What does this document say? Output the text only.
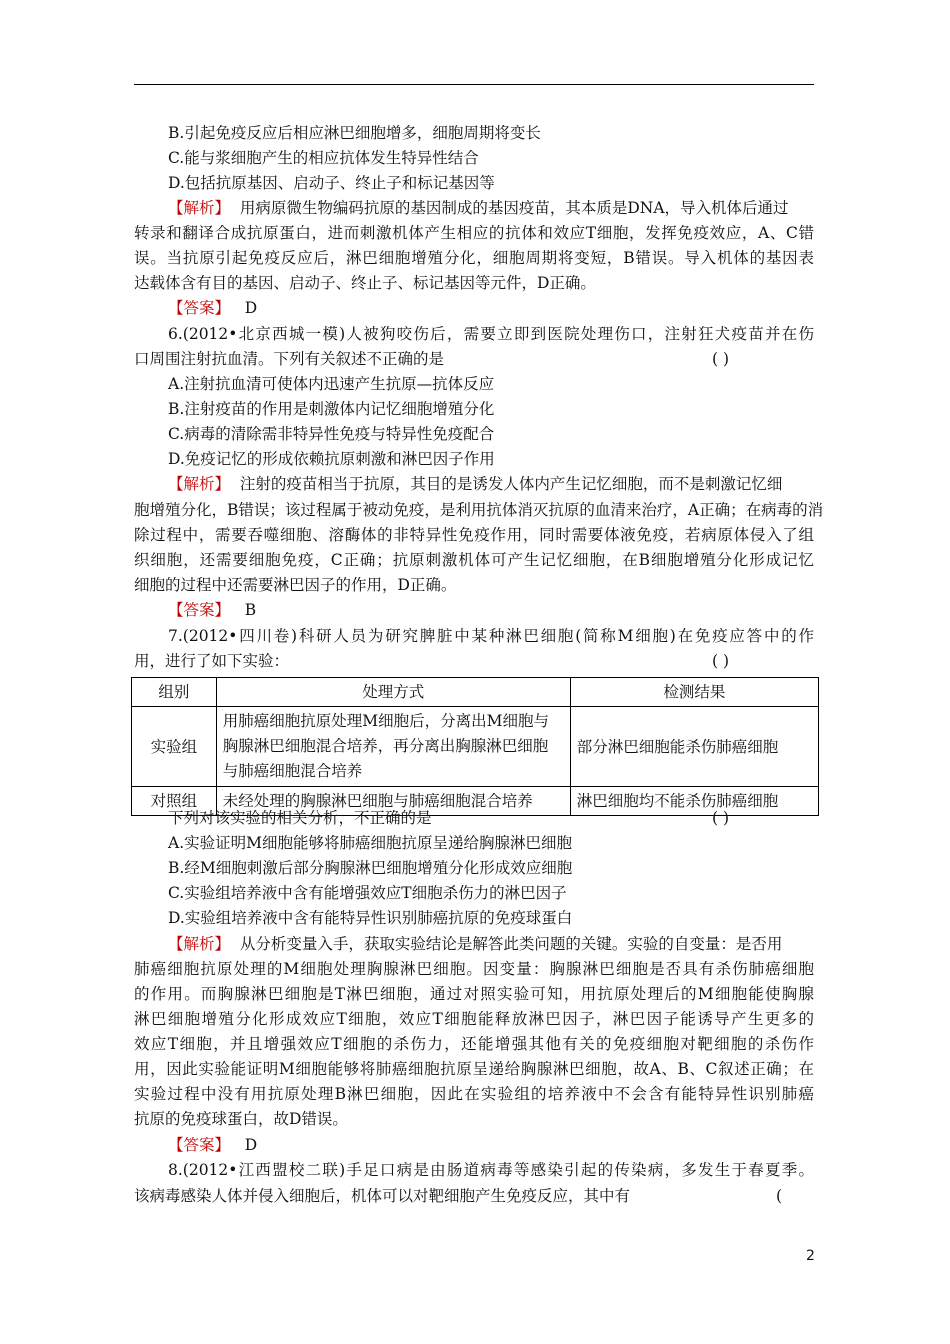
B.引起免疫反应后相应淋巴细胞增多，细胞周期将变长
C.能与浆细胞产生的相应抗体发生特异性结合
D.包括抗原基因、启动子、终止子和标记基因等
【解析】 用病原微生物编码抗原的基因制成的基因疫苗，其本质是DNA，导入机体后通过
转录和翻译合成抗原蛋白，进而刺激机体产生相应的抗体和效应T细胞，发挥免疫效应，A、C错
误。当抗原引起免疫反应后，淋巴细胞增殖分化，细胞周期将变短，B错误。导入机体的基因表
达载体含有目的基因、启动子、终止子、标记基因等元件，D正确。
【答案】 D
6.(2012•北京西城一模)人被狗咬伤后，需要立即到医院处理伤口，注射狂犬疫苗并在伤
口周围注射抗血清。下列有关叙述不正确的是	( )
A.注射抗血清可使体内迅速产生抗原—抗体反应
B.注射疫苗的作用是刺激体内记忆细胞增殖分化
C.病毒的清除需非特异性免疫与特异性免疫配合
D.免疫记忆的形成依赖抗原刺激和淋巴因子作用
【解析】 注射的疫苗相当于抗原，其目的是诱发人体内产生记忆细胞，而不是刺激记忆细
胞增殖分化，B错误；该过程属于被动免疫，是利用抗体消灭抗原的血清来治疗，A正确；在病毒的消
除过程中，需要吞噬细胞、溶酶体的非特异性免疫作用，同时需要体液免疫，若病原体侵入了组
织细胞，还需要细胞免疫，C正确；抗原刺激机体可产生记忆细胞，在B细胞增殖分化形成记忆
细胞的过程中还需要淋巴因子的作用，D正确。
【答案】 B
7.(2012•四川卷)科研人员为研究脾脏中某种淋巴细胞(简称M细胞)在免疫应答中的作
用，进行了如下实验：	( )
组别	处理方式	检测结果
实验组	用肺癌细胞抗原处理M细胞后，分离出M细胞与胸腺淋巴细胞混合培养，再分离出胸腺淋巴细胞与肺癌细胞混合培养	部分淋巴细胞能杀伤肺癌细胞
对照组	未经处理的胸腺淋巴细胞与肺癌细胞混合培养	淋巴细胞均不能杀伤肺癌细胞
下列对该实验的相关分析，不正确的是	( )
A.实验证明M细胞能够将肺癌细胞抗原呈递给胸腺淋巴细胞
B.经M细胞刺激后部分胸腺淋巴细胞增殖分化形成效应细胞
C.实验组培养液中含有能增强效应T细胞杀伤力的淋巴因子
D.实验组培养液中含有能特异性识别肺癌抗原的免疫球蛋白
【解析】 从分析变量入手，获取实验结论是解答此类问题的关键。实验的自变量：是否用
肺癌细胞抗原处理的M细胞处理胸腺淋巴细胞。因变量：胸腺淋巴细胞是否具有杀伤肺癌细胞
的作用。而胸腺淋巴细胞是T淋巴细胞，通过对照实验可知，用抗原处理后的M细胞能使胸腺
淋巴细胞增殖分化形成效应T细胞，效应T细胞能释放淋巴因子，淋巴因子能诱导产生更多的
效应T细胞，并且增强效应T细胞的杀伤力，还能增强其他有关的免疫细胞对靶细胞的杀伤作
用，因此实验能证明M细胞能够将肺癌细胞抗原呈递给胸腺淋巴细胞，故A、B、C叙述正确；在
实验过程中没有用抗原处理B淋巴细胞，因此在实验组的培养液中不会含有能特异性识别肺癌
抗原的免疫球蛋白，故D错误。
【答案】 D
8.(2012•江西盟校二联)手足口病是由肠道病毒等感染引起的传染病，多发生于春夏季。
该病毒感染人体并侵入细胞后，机体可以对靶细胞产生免疫反应，其中有	(
2
